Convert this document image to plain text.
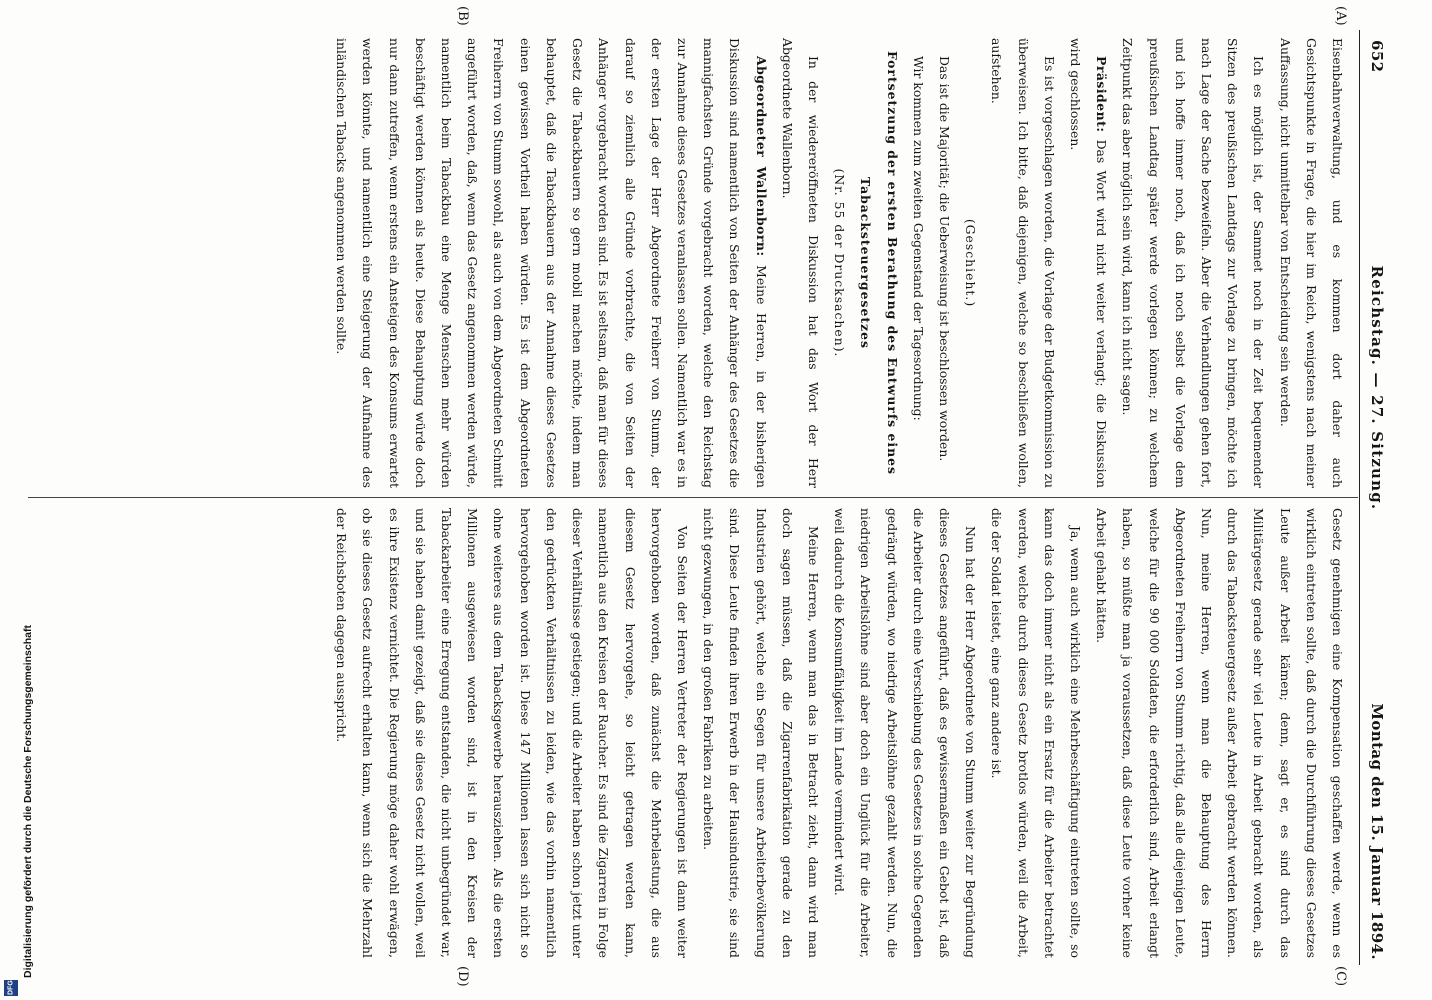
652
Reichstag. — 27. Sitzung.
Montag den 15. Januar 1894.
(A)
(B)
(C)
(D)

Eisenbahnverwaltung, und es kommen dort daher auch Gesichtspunkte in Frage, die hier im Reich, wenigstens nach meiner Auffassung, nicht unmittelbar von Entscheidung sein werden.

Ich es möglich ist, der Sammet noch in der Zeit bequemender Sitzen des preußischen Landtags zur Vorlage zu bringen, möchte ich nach Lage der Sache bezweifeln. Aber die Verhandlungen gehen fort, und ich hoffe immer noch, daß ich noch selbst die Vorlage dem preußischen Landtag später werde vorlegen können; zu welchem Zeitpunkt das aber möglich sein wird, kann ich nicht sagen.

Präsident: Das Wort wird nicht weiter verlangt; die Diskussion wird geschlossen.

Es ist vorgeschlagen worden, die Vorlage der Budgetkommission zu überweisen. Ich bitte, daß diejenigen, welche so beschließen wollen, aufstehen.

(Geschieht.)

Das ist die Majorität; die Ueberweisung ist beschlossen worden.

Wir kommen zum zweiten Gegenstand der Tagesordnung:

Fortsetzung der ersten Berathung des Entwurfs eines Tabacksteuergesetzes

(Nr. 55 der Drucksachen).

In der wiedereröffneten Diskussion hat das Wort der Herr Abgeordnete Wallenborn.

Abgeordneter Wallenborn: Meine Herren, in der bisherigen Diskussion sind namentlich von Seiten der Anhänger des Gesetzes die mannigfachsten Gründe vorgebracht worden, welche den Reichstag zur Annahme dieses Gesetzes veranlassen sollen. Namentlich war es in der ersten Lage der Herr Abgeordnete Freiherr von Stumm, der darauf so ziemlich alle Gründe vorbrachte, die von Seiten der Anhänger vorgebracht worden sind. Es ist seltsam, daß man für dieses Gesetz die Tabackbauern so gern mobil machen möchte, indem man behauptet, daß die Tabackbauern aus der Annahme dieses Gesetzes einen gewissen Vortheil haben würden. Es ist dem Abgeordneten Freiherrn von Stumm sowohl, als auch von dem Abgeordneten Schmitt angeführt worden, daß, wenn das Gesetz angenommen werden würde, namentlich beim Tabackbau eine Menge Menschen mehr würden beschäftigt werden können als heute. Diese Behauptung würde doch nur dann zutreffen, wenn erstens ein Ansteigen des Konsums erwartet werden könnte, und namentlich eine Steigerung der Aufnahme des inländischen Tabacks angenommen werden sollte.

Gesetz genehmigen eine Kompensation geschaffen werde, wenn es wirklich eintreten sollte, daß durch die Durchführung dieses Gesetzes Leute außer Arbeit kämen; denn, sagt er, es sind durch das Militärgesetz gerade sehr viel Leute in Arbeit gebracht worden, als durch das Tabacksteuergesetz außer Arbeit gebracht werden können. Nun, meine Herren, wenn man die Behauptung des Herrn Abgeordneten Freiherrn von Stumm richtig, daß alle diejenigen Leute, welche für die 90 000 Soldaten, die erforderlich sind, Arbeit erlangt haben, so müßte man ja voraussetzen, daß diese Leute vorher keine Arbeit gehabt hätten.

Ja, wenn auch wirklich eine Mehrbeschäftigung eintreten sollte, so kann das doch immer nicht als ein Ersatz für die Arbeiter betrachtet werden, welche durch dieses Gesetz brotlos würden, weil die Arbeit, die der Soldat leistet, eine ganz andere ist.

Nun hat der Herr Abgeordnete von Stumm weiter zur Begründung dieses Gesetzes angeführt, daß es gewissermaßen ein Gebot ist, daß die Arbeiter durch eine Verschiebung des Gesetzes in solche Gegenden gedrängt würden, wo niedrige Arbeitslöhne gezahlt werden. Nun, die niedrigen Arbeitslöhne sind aber doch ein Unglück für die Arbeiter, weil dadurch die Konsumfähigkeit im Lande vermindert wird.

Meine Herren, wenn man das in Betracht zieht, dann wird man doch sagen müssen, daß die Zigarrenfabrikation gerade zu den Industrien gehört, welche ein Segen für unsere Arbeiterbevölkerung sind. Diese Leute finden ihren Erwerb in der Hausindustrie, sie sind nicht gezwungen, in den großen Fabriken zu arbeiten.

Von Seiten der Herren Vertreter der Regierungen ist dann weiter hervorgehoben worden, daß zunächst die Mehrbelastung, die aus diesem Gesetz hervorgehe, so leicht getragen werden kann, namentlich aus den Kreisen der Raucher. Es sind die Zigarren in Folge dieser Verhältnisse gestiegen; und die Arbeiter haben schon jetzt unter den gedrückten Verhältnissen zu leiden, wie das vorhin namentlich hervorgehoben worden ist. Diese 147 Millionen lassen sich nicht so ohne weiteres aus dem Tabacksgewerbe herausziehen. Als die ersten Millionen ausgewiesen worden sind, ist in den Kreisen der Tabackarbeiter eine Erregung entstanden, die nicht unbegründet war, und sie haben damit gezeigt, daß sie dieses Gesetz nicht wollen, weil es ihre Existenz vernichtet. Die Regierung möge daher wohl erwägen, ob sie dieses Gesetz aufrecht erhalten kann, wenn sich die Mehrzahl der Reichsboten dagegen ausspricht.

Digitalisierung gefördert durch die Deutsche Forschungsgemeinschaft
DFG
